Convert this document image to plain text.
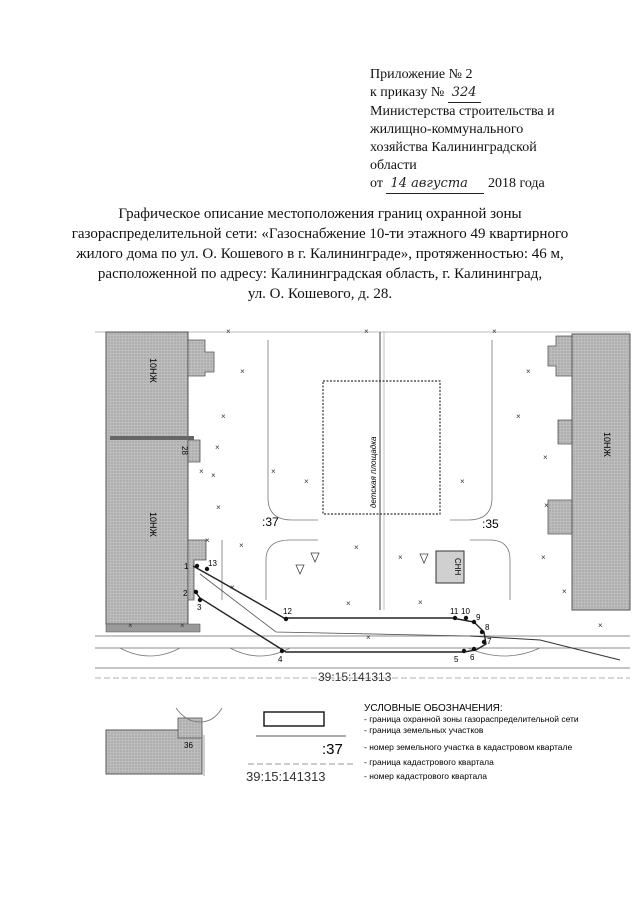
Приложение № 2
к приказу № 324
Министерства строительства и
жилищно-коммунального
хозяйства Калининградской
области
от 14 августа 2018 года
Графическое описание местоположения границ охранной зоны
газораспределительной сети: «Газоснабжение 10-ти этажного 49 квартирного
жилого дома по ул. О. Кошевого в г. Калининграде», протяженностью: 46 м,
расположенной по адресу: Калининградская область, г. Калининград,
ул. О. Кошевого, д. 28.
10НЖ
10НЖ
28	10НЖ
детская площадка
:37	:35
СНН
39:15:141313
1
2
3
4	5 6
7
8
9
10
11
12
13
×	×	×
×	×
×	×
×
×
×
×
×
×	×
×	×
×
×	×
×	×
×
×	×
×
×	×	×
×
36	:37
39:15:141313
УСЛОВНЫЕ ОБОЗНАЧЕНИЯ:
- граница охранной зоны газораспределительной сети
- граница земельных участков
- номер земельного участка в кадастровом квартале
- граница кадастрового квартала
- номер кадастрового квартала
